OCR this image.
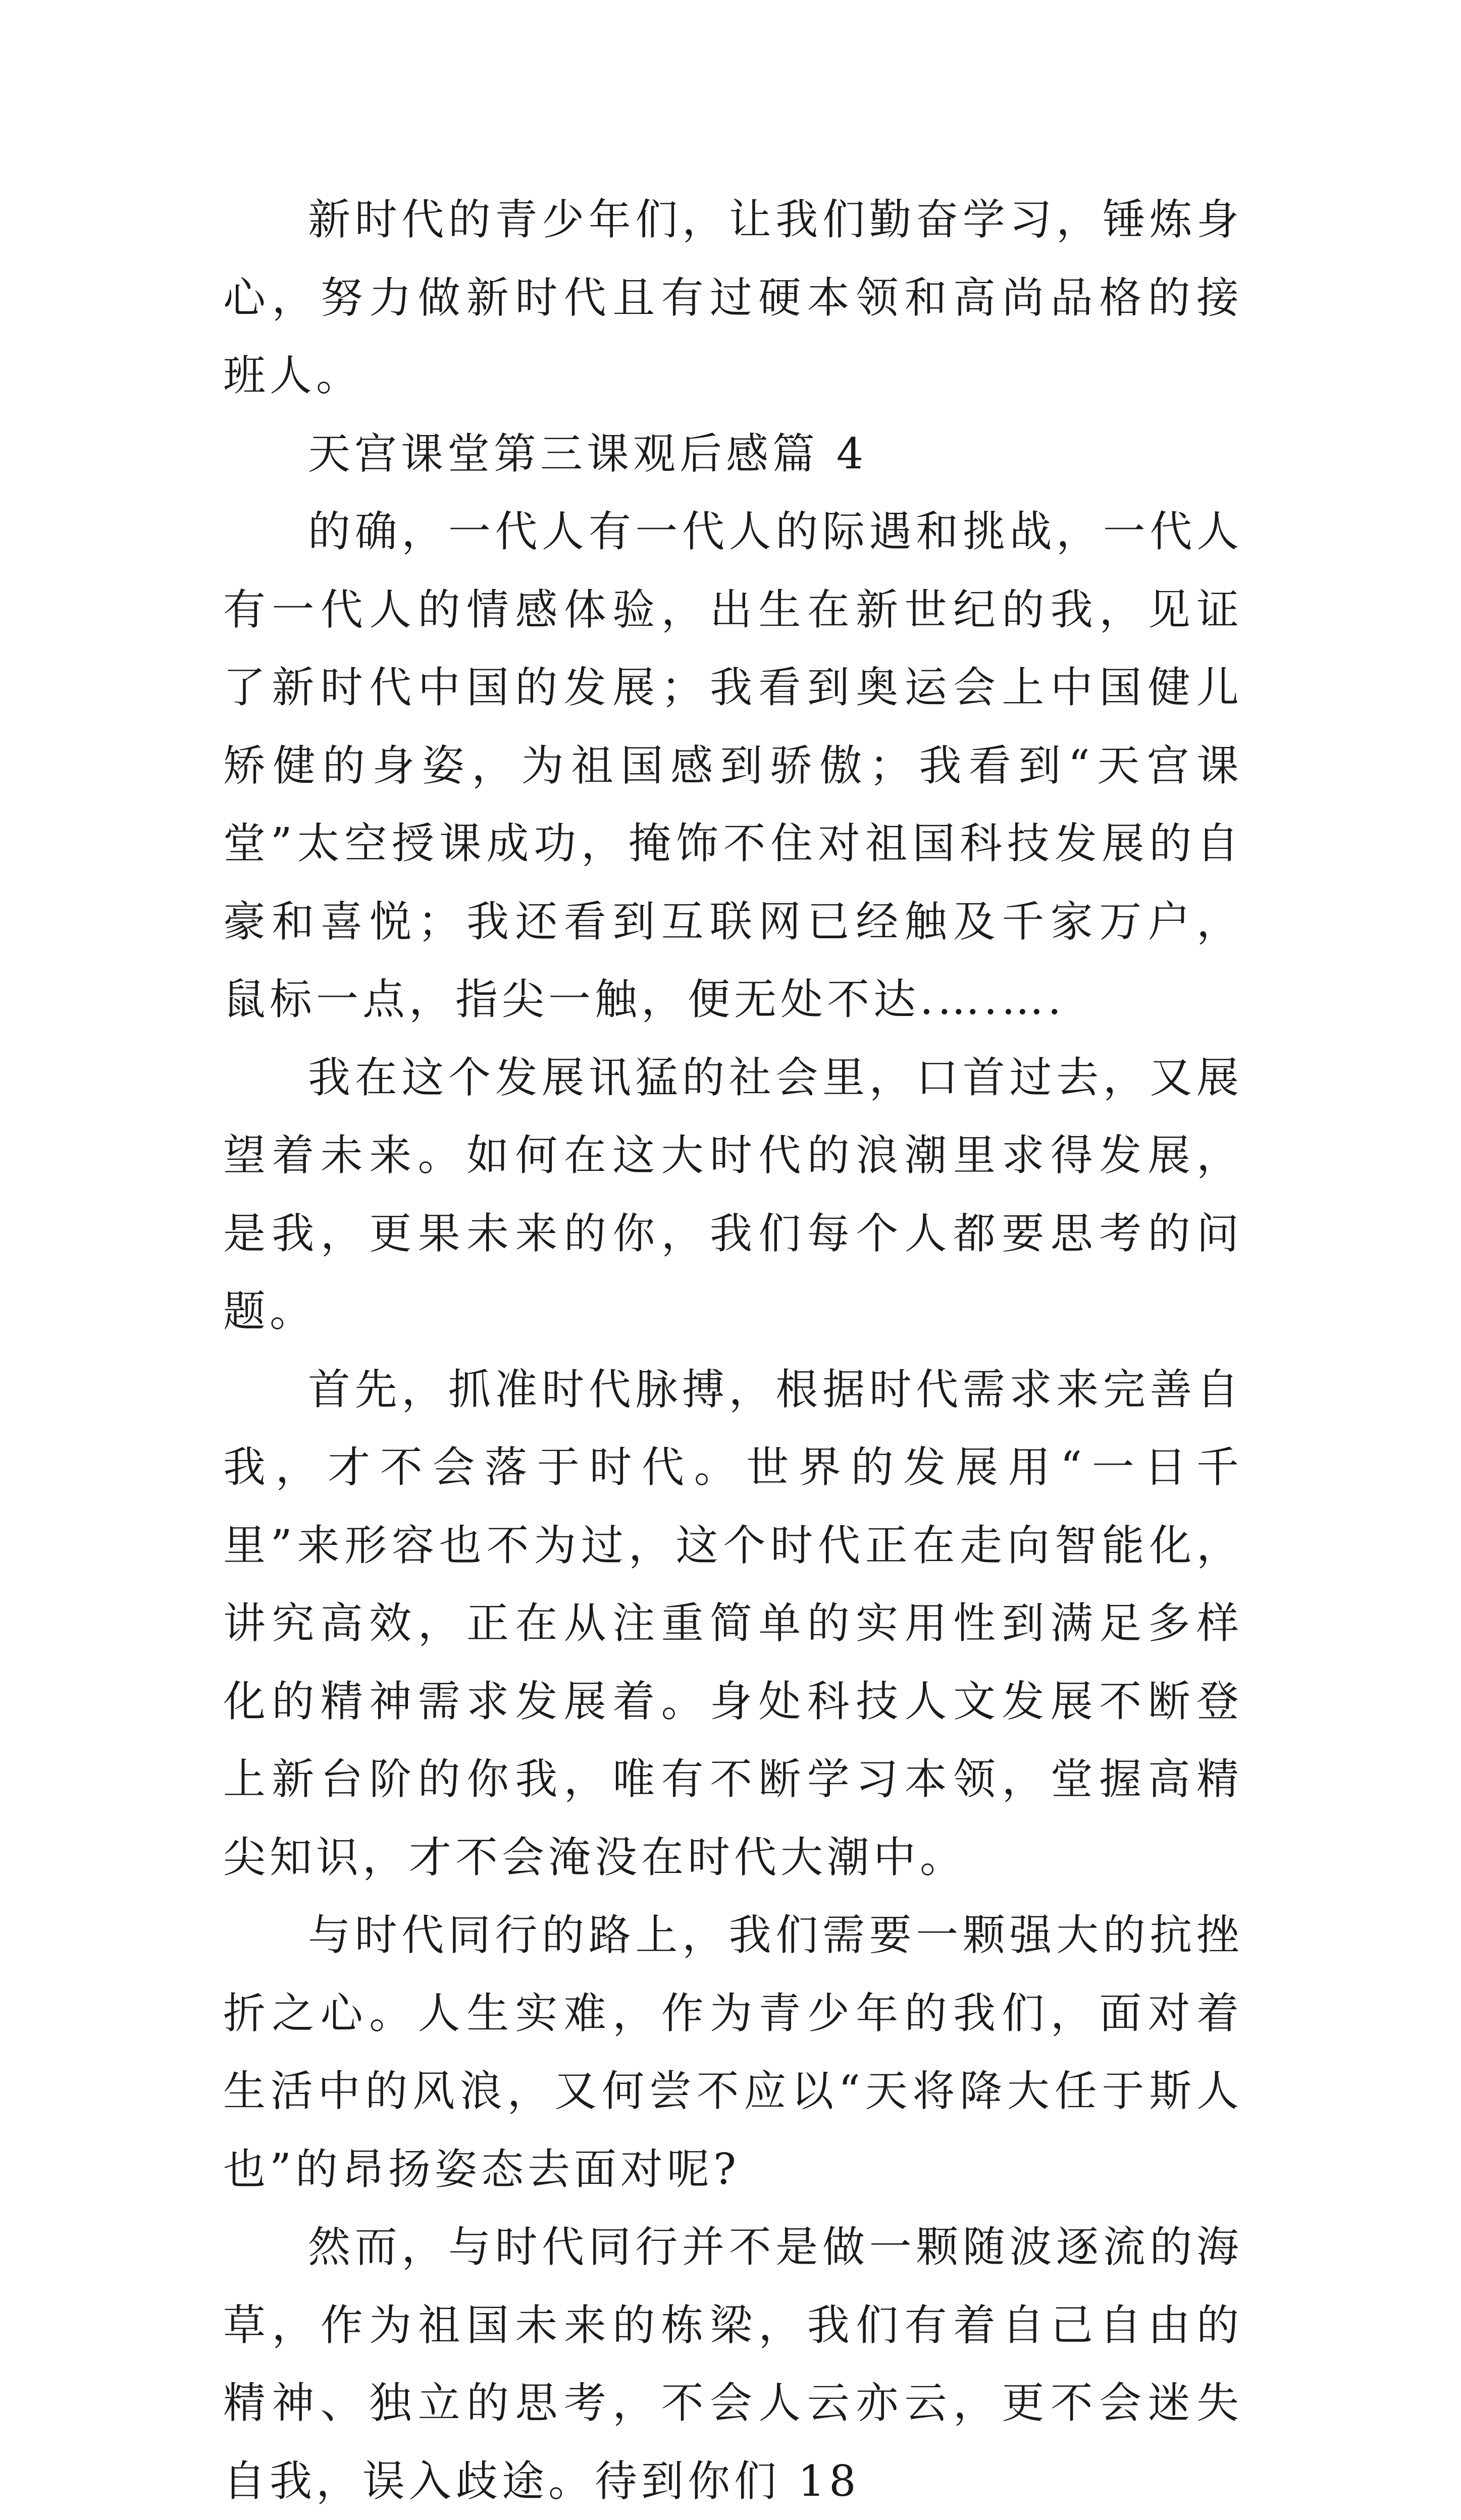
新时代的青少年们，让我们勤奋学习，锤炼身心，努力做新时代且有过硬本领和高尚品格的接班人。

天宫课堂第三课观后感篇 4

的确，一代人有一代人的际遇和挑战，一代人有一代人的情感体验，出生在新世纪的我，见证了新时代中国的发展；我看到奥运会上中国健儿矫健的身姿，为祖国感到骄傲；我看到“天宫课堂”太空授课成功，掩饰不住对祖国科技发展的自豪和喜悦；我还看到互联网已经触及千家万户，鼠标一点，指尖一触，便无处不达.….….

我在这个发展讯猛的社会里，口首过去，又展望着未来。如何在这大时代的浪潮里求得发展，是我，更果未来的你，我们每个人都要思考的问题。

首先，抓准时代脉搏，根据时代需求来完善自我，才不会落于时代。世界的发展用“一日千里”来形容也不为过，这个时代正在走向智能化，讲究高效，正在从注重简单的实用性到满足多样化的精神需求发展着。身处科技人文发展不断登上新台阶的你我，唯有不断学习本领，堂握高精尖知识，才不会淹没在时代大潮中。

与时代同行的路上，我们需要一颗强大的抗挫折之心。人生实难，作为青少年的我们，面对着生活中的风浪，又何尝不应以“天将降大任于斯人也”的昂扬姿态去面对呢?

然而，与时代同行并不是做一颗随波逐流的海草，作为祖国未来的栋梁，我们有着自己自由的精神、独立的思考，不会人云亦云，更不会迷失自我，误入歧途。待到你们 18
